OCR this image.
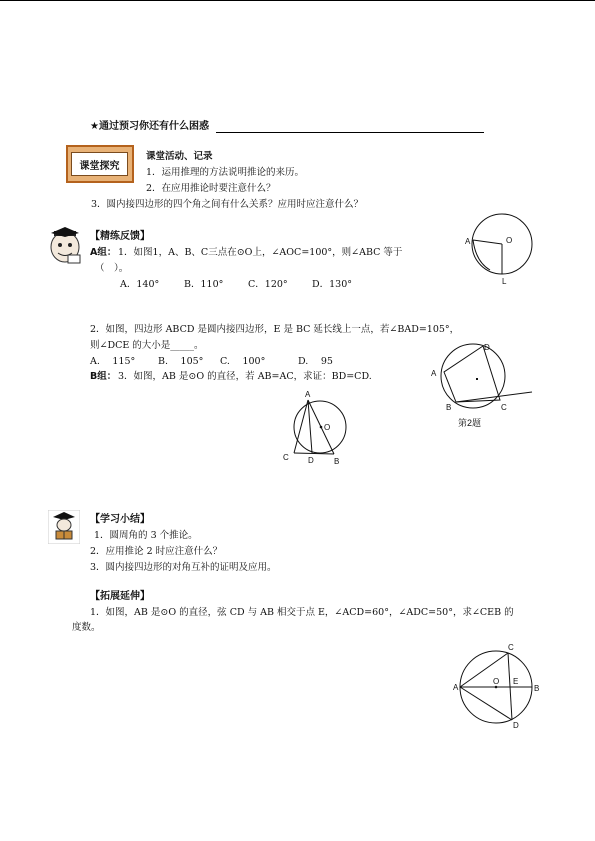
★通过预习你还有什么困惑
课堂探究
课堂活动、记录
1．运用推理的方法说明推论的来历。
2．在应用推论时要注意什么？
3．圆内接四边形的四个角之间有什么关系？应用时应注意什么？
【精练反馈】
A组： 1．如图1，A、B、C三点在⊙O上，∠AOC=100°，则∠ABC 等于
（　）。
A．140°	B．110°	C．120°	D．130°
A	O
L
2．如图，四边形 ABCD 是圆内接四边形，E 是 BC 延长线上一点，若∠BAD=105°，
则∠DCE 的大小是_____。
A.　 115° B.　 105° C.　 100°	D.　 95
B组： 3．如图，AB 是⊙O 的直径，若 AB=AC，求证：BD=CD.
D
A
B	C
第2题
A
O
C D	B
【学习小结】
1．圆周角的 3 个推论。
2．应用推论 2 时应注意什么？
3．圆内接四边形的对角互补的证明及应用。
【拓展延伸】
1．如图，AB 是⊙O 的直径，弦 CD 与 AB 相交于点 E，∠ACD=60°，∠ADC=50°，求∠CEB 的
度数。
C
A
O E
B
D
